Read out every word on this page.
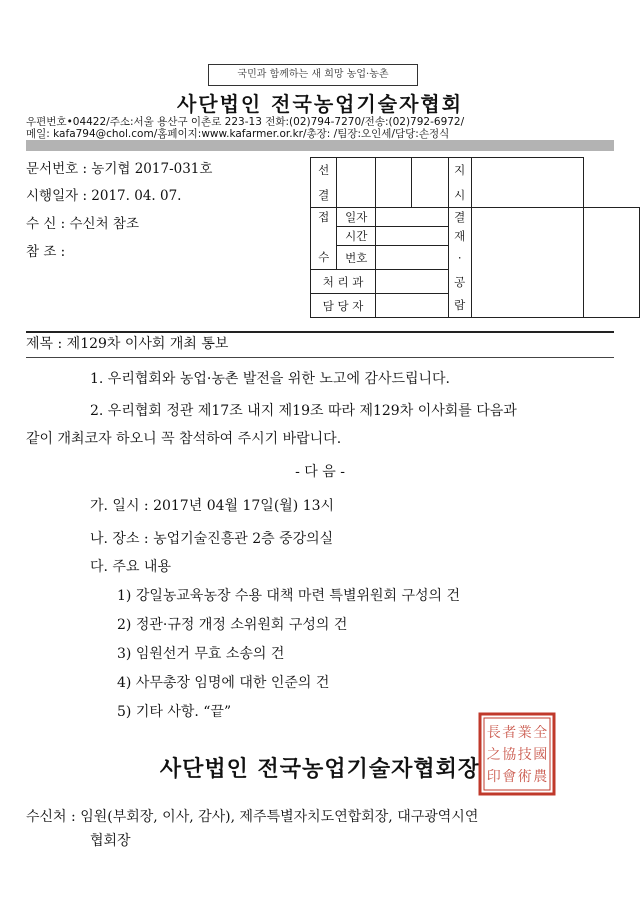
국민과 함께하는 새 희망 농업·농촌
사단법인 전국농업기술자협회
우편번호•04422/주소:서울 용산구 이촌로 223-13 전화:(02)794-7270/전송:(02)792-6972/
메일: kafa794@chol.com/홈페이지:www.kafarmer.or.kr/총장: /팀장:오인세/담당:손정식
문서번호 : 농기협 2017-031호
시행일자 : 2017. 04. 07.
수 신 : 수신처 참조
참 조 :
선				지		
결				시		
접	일자			결		
	시간			재		
수	번호			·		
처 리 과				공		
담 당 자				람		
제목 : 제129차 이사회 개최 통보
1. 우리협회와 농업·농촌 발전을 위한 노고에 감사드립니다.
2. 우리협회 정관 제17조 내지 제19조 따라 제129차 이사회를 다음과
같이 개최코자 하오니 꼭 참석하여 주시기 바랍니다.
- 다 음 -
가. 일시 : 2017년 04월 17일(월) 13시
나. 장소 : 농업기술진흥관 2층 중강의실
다. 주요 내용
1) 강일농교육농장 수용 대책 마련 특별위원회 구성의 건
2) 정관·규정 개정 소위원회 구성의 건
3) 임원선거 무효 소송의 건
4) 사무총장 임명에 대한 인준의 건
5) 기타 사항. “끝”
사단법인 전국농업기술자협회장
全
國
農
業
技
術
者
協
會
長
之
印
수신처 : 임원(부회장, 이사, 감사), 제주특별자치도연합회장, 대구광역시연
협회장
